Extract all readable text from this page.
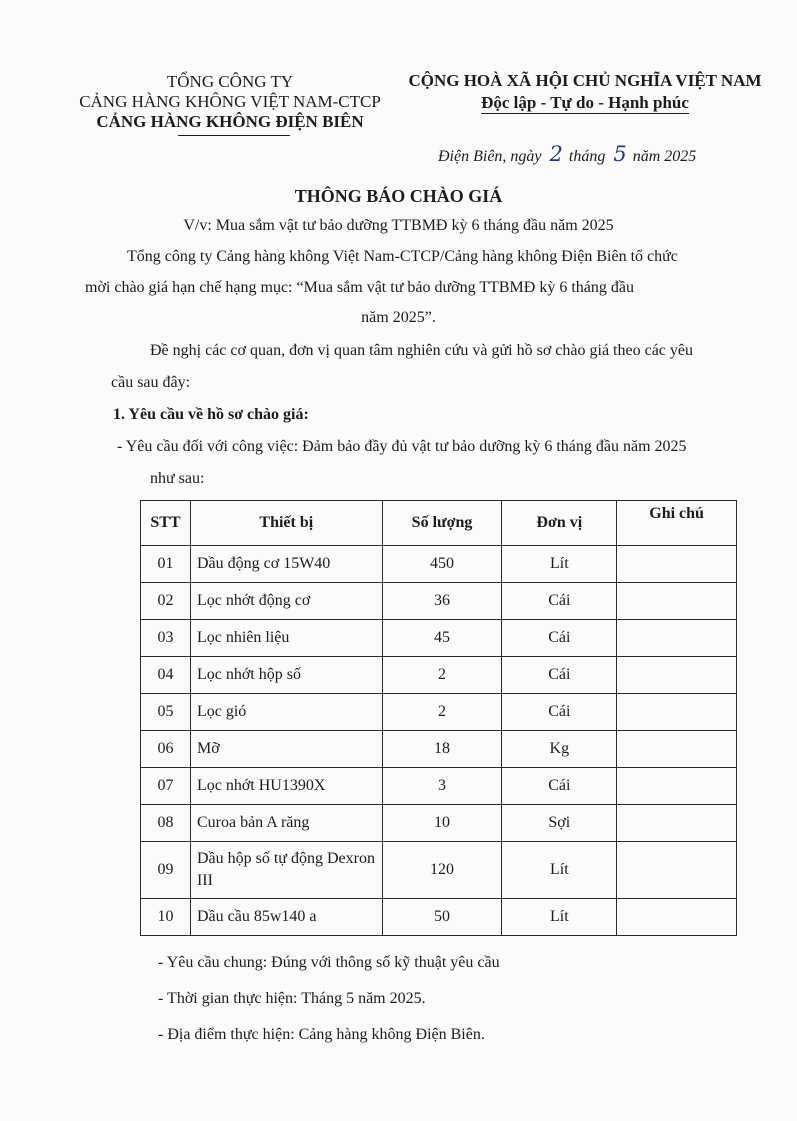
TỔNG CÔNG TY
CẢNG HÀNG KHÔNG VIỆT NAM-CTCP
CẢNG HÀNG KHÔNG ĐIỆN BIÊN
CỘNG HOÀ XÃ HỘI CHỦ NGHĨA VIỆT NAM
Độc lập - Tự do - Hạnh phúc
Điện Biên, ngày 2 tháng 5 năm 2025
THÔNG BÁO CHÀO GIÁ
V/v: Mua sắm vật tư bảo dưỡng TTBMĐ kỳ 6 tháng đầu năm 2025
Tổng công ty Cảng hàng không Việt Nam-CTCP/Cảng hàng không Điện Biên tổ chức
mời chào giá hạn chế hạng mục: “Mua sắm vật tư bảo dưỡng TTBMĐ kỳ 6 tháng đầu
năm 2025”.
Đề nghị các cơ quan, đơn vị quan tâm nghiên cứu và gửi hồ sơ chào giá theo các yêu
cầu sau đây:
1. Yêu cầu về hồ sơ chào giá:
- Yêu cầu đối với công việc: Đảm bảo đầy đủ vật tư bảo dưỡng kỳ 6 tháng đầu năm 2025
như sau:
STT	Thiết bị	Số lượng	Đơn vị	Ghi chú
01	Dầu động cơ 15W40	450	Lít	
02	Lọc nhớt động cơ	36	Cái	
03	Lọc nhiên liệu	45	Cái	
04	Lọc nhớt hộp số	2	Cái	
05	Lọc gió	2	Cái	
06	Mỡ	18	Kg	
07	Lọc nhớt HU1390X	3	Cái	
08	Curoa bản A răng	10	Sợi	
09	Dầu hộp số tự động Dexron III	120	Lít	
10	Dầu cầu 85w140 a	50	Lít	
- Yêu cầu chung: Đúng với thông số kỹ thuật yêu cầu
- Thời gian thực hiện: Tháng 5 năm 2025.
- Địa điểm thực hiện: Cảng hàng không Điện Biên.
